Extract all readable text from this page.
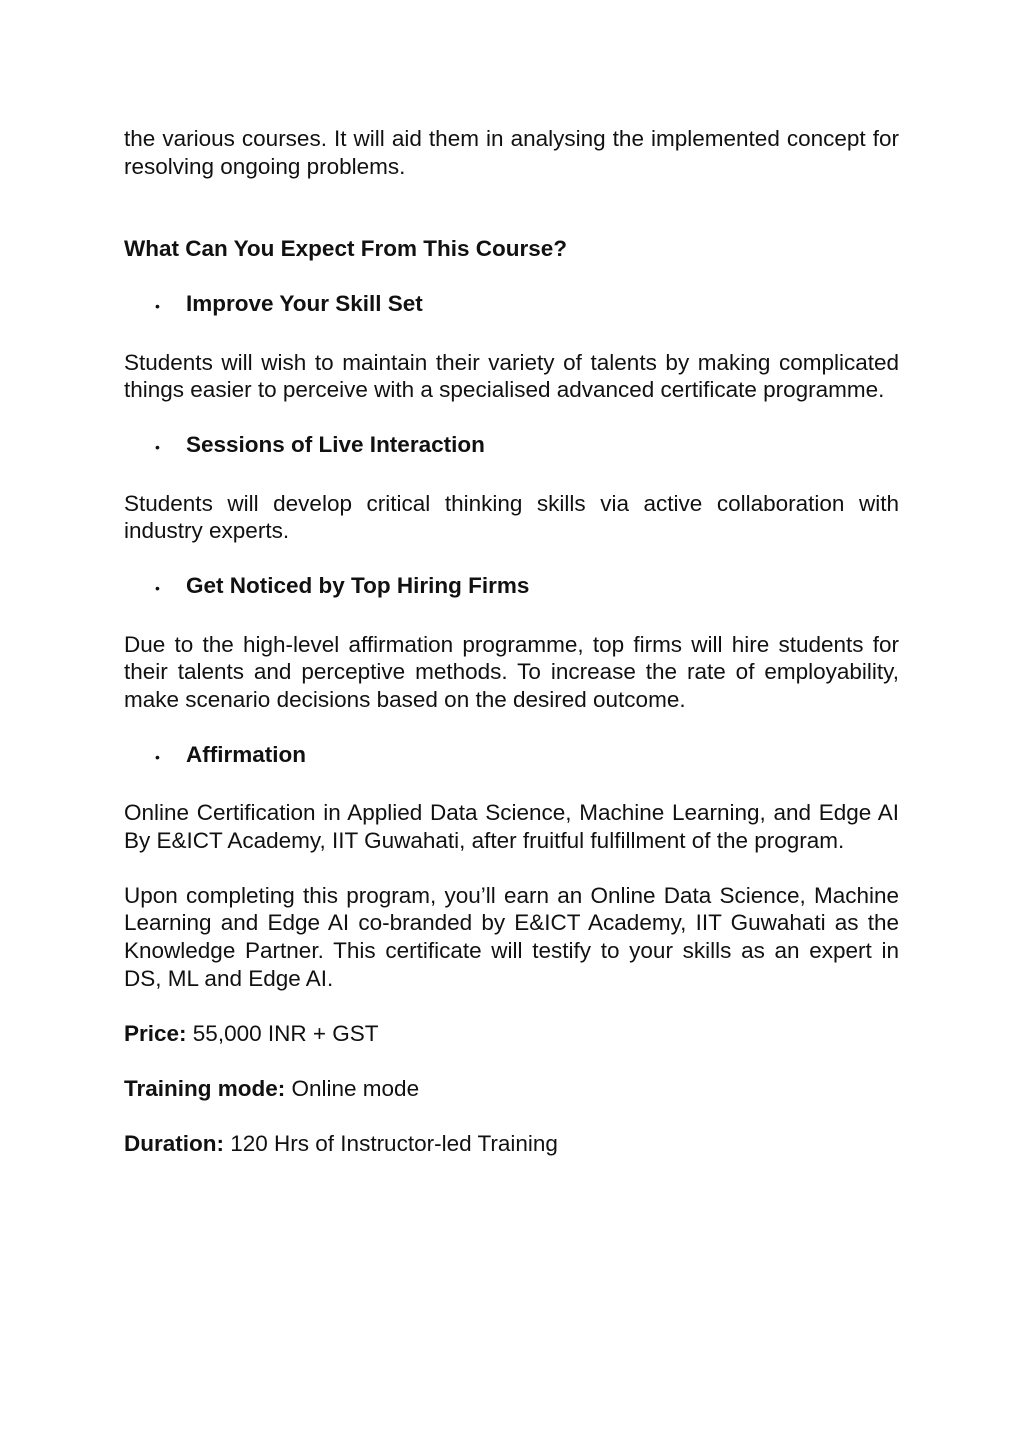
the various courses. It will aid them in analysing the implemented concept for resolving ongoing problems.

What Can You Expect From This Course?

•	Improve Your Skill Set

Students will wish to maintain their variety of talents by making complicated things easier to perceive with a specialised advanced certificate programme.

•	Sessions of Live Interaction

Students will develop critical thinking skills via active collaboration with industry experts.

•	Get Noticed by Top Hiring Firms

Due to the high-level affirmation programme, top firms will hire students for their talents and perceptive methods. To increase the rate of employability, make scenario decisions based on the desired outcome.

•	Affirmation

Online Certification in Applied Data Science, Machine Learning, and Edge AI By E&ICT Academy, IIT Guwahati, after fruitful fulfillment of the program.

Upon completing this program, you’ll earn an Online Data Science, Machine Learning and Edge AI co-branded by E&ICT Academy, IIT Guwahati as the Knowledge Partner. This certificate will testify to your skills as an expert in DS, ML and Edge AI.

Price: 55,000 INR + GST

Training mode: Online mode

Duration: 120 Hrs of Instructor-led Training
